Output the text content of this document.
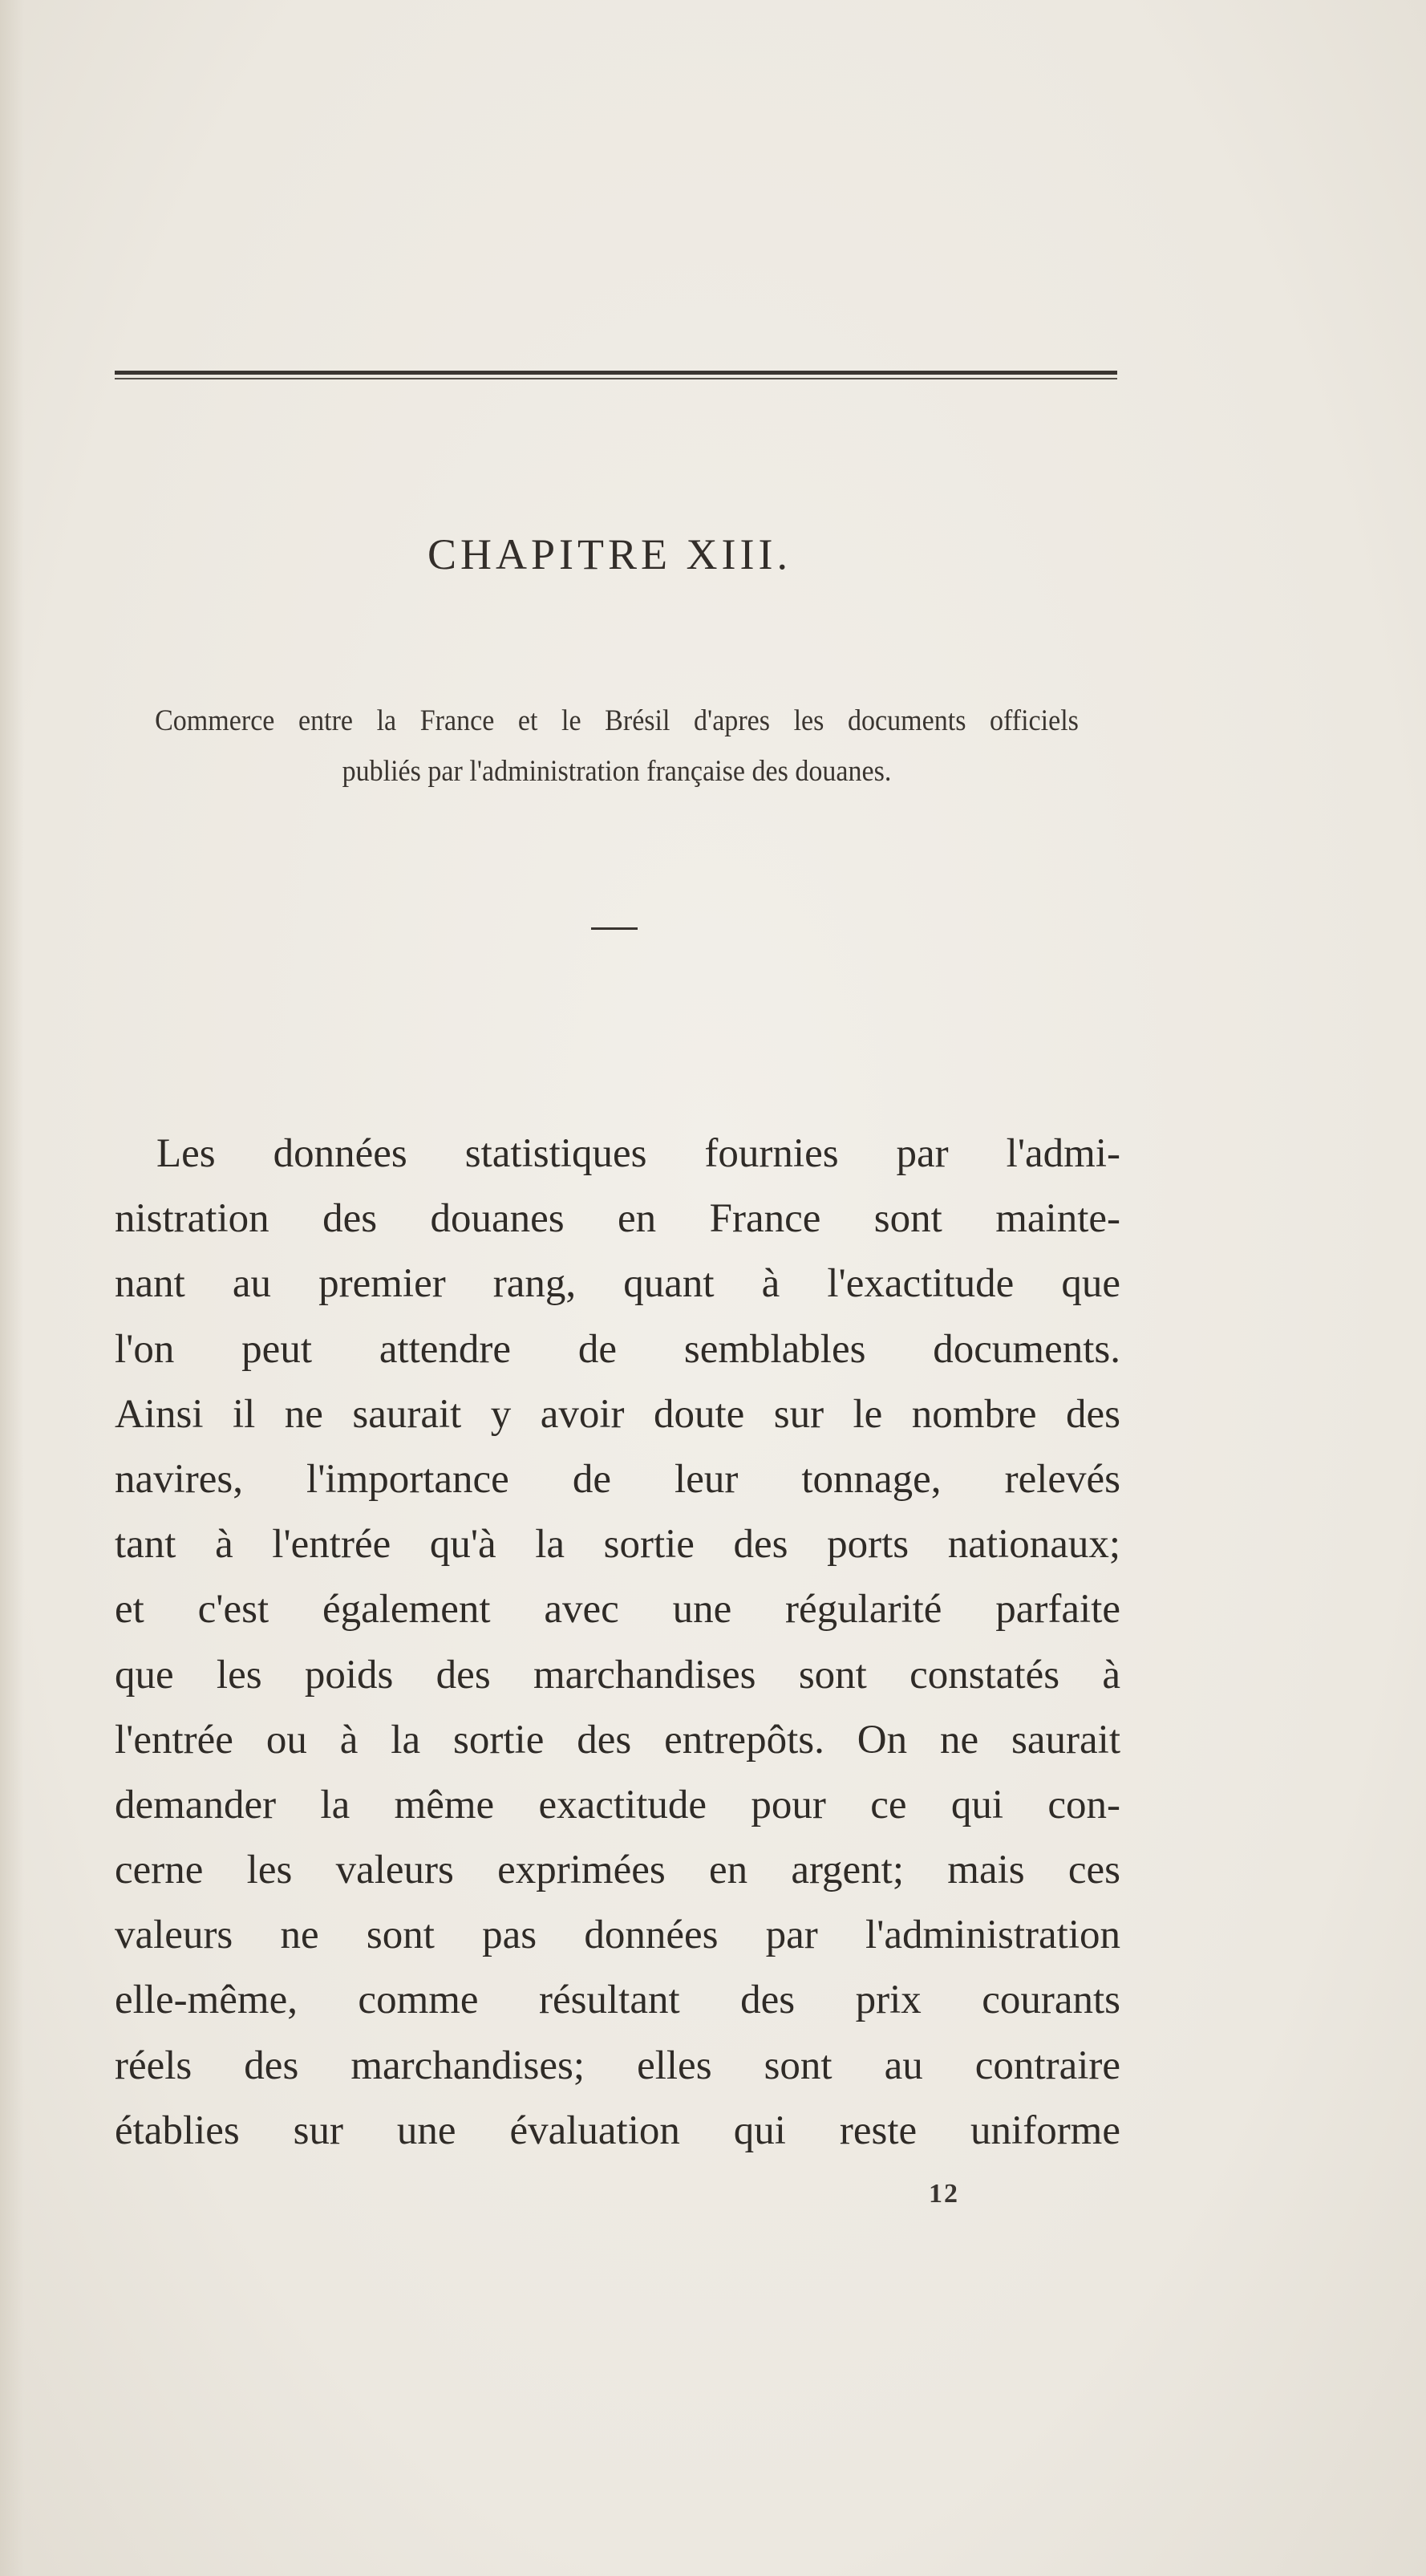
CHAPITRE XIII.
Commerce entre la France et le Brésil d'apres les documents officiels
publiés par l'administration française des douanes.
Les données statistiques fournies par l'admi-
nistration des douanes en France sont mainte-
nant au premier rang, quant à l'exactitude que
l'on peut attendre de semblables documents.
Ainsi il ne saurait y avoir doute sur le nombre des
navires, l'importance de leur tonnage, relevés
tant à l'entrée qu'à la sortie des ports nationaux;
et c'est également avec une régularité parfaite
que les poids des marchandises sont constatés à
l'entrée ou à la sortie des entrepôts. On ne saurait
demander la même exactitude pour ce qui con-
cerne les valeurs exprimées en argent; mais ces
valeurs ne sont pas données par l'administration
elle-même, comme résultant des prix courants
réels des marchandises; elles sont au contraire
établies sur une évaluation qui reste uniforme
12
